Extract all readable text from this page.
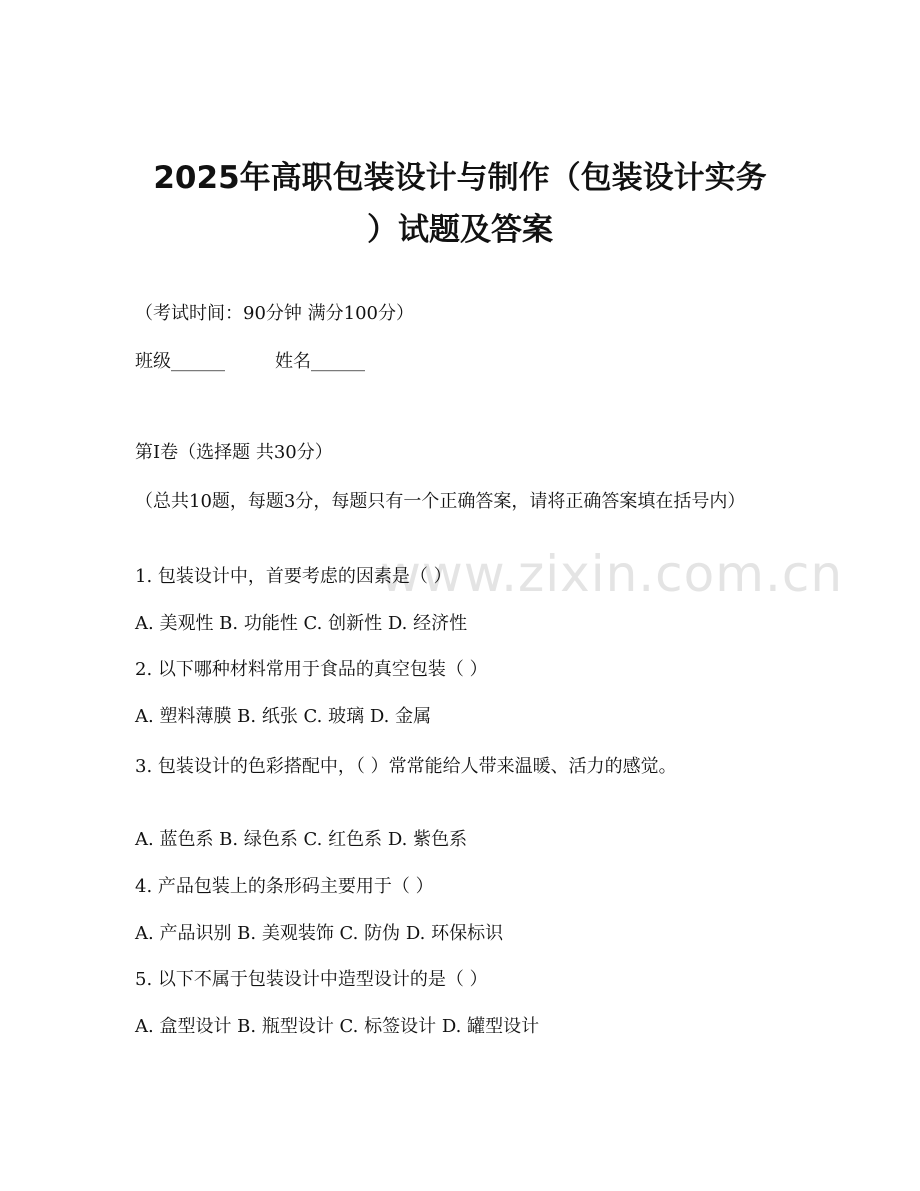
www.zixin.com.cn
2025年高职包装设计与制作（包装设计实务
）试题及答案
（考试时间：90分钟 满分100分）
班级______	姓名______
第I卷（选择题 共30分）
（总共10题，每题3分，每题只有一个正确答案，请将正确答案填在括号内）
1. 包装设计中，首要考虑的因素是（ ）
A. 美观性 B. 功能性 C. 创新性 D. 经济性
2. 以下哪种材料常用于食品的真空包装（ ）
A. 塑料薄膜 B. 纸张 C. 玻璃 D. 金属
3. 包装设计的色彩搭配中，（ ）常常能给人带来温暖、活力的感觉。
A. 蓝色系 B. 绿色系 C. 红色系 D. 紫色系
4. 产品包装上的条形码主要用于（ ）
A. 产品识别 B. 美观装饰 C. 防伪 D. 环保标识
5. 以下不属于包装设计中造型设计的是（ ）
A. 盒型设计 B. 瓶型设计 C. 标签设计 D. 罐型设计
